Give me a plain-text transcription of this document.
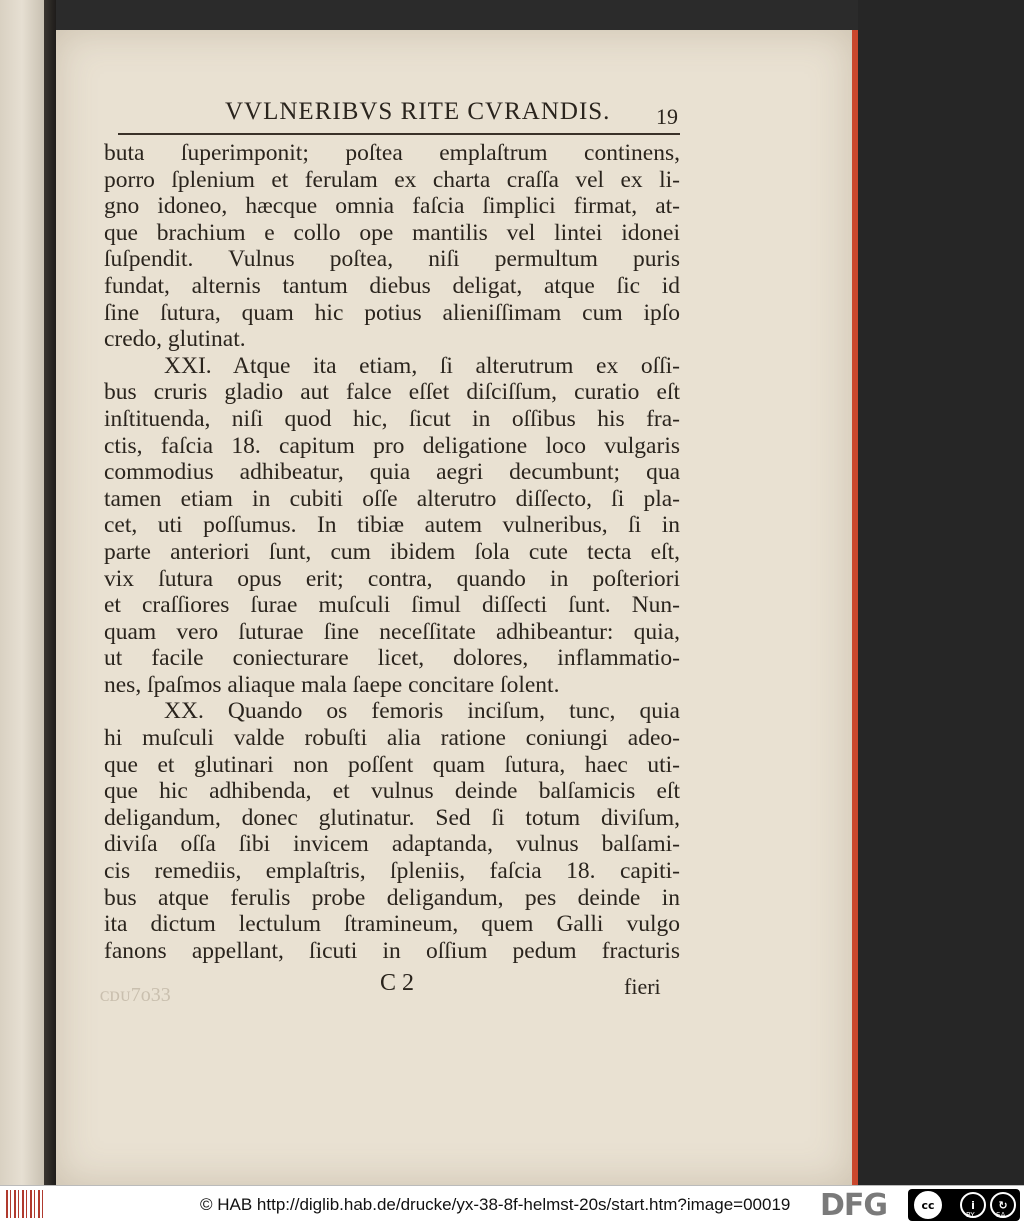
VVLNERIBVS RITE CVRANDIS. 19
buta ſuperimponit; poſtea emplaſtrum continens,
porro ſplenium et ferulam ex charta craſſa vel ex li-
gno idoneo, hæcque omnia faſcia ſimplici firmat, at-
que brachium e collo ope mantilis vel lintei idonei
ſuſpendit. Vulnus poſtea, niſi permultum puris
fundat, alternis tantum diebus deligat, atque ſic id
ſine ſutura, quam hic potius alieniſſimam cum ipſo
credo, glutinat.
XXI. Atque ita etiam, ſi alterutrum ex oſſi-
bus cruris gladio aut falce eſſet diſciſſum, curatio eſt
inſtituenda, niſi quod hic, ſicut in oſſibus his fra-
ctis, faſcia 18. capitum pro deligatione loco vulgaris
commodius adhibeatur, quia aegri decumbunt; qua
tamen etiam in cubiti oſſe alterutro diſſecto, ſi pla-
cet, uti poſſumus. In tibiæ autem vulneribus, ſi in
parte anteriori ſunt, cum ibidem ſola cute tecta eſt,
vix ſutura opus erit; contra, quando in poſteriori
et craſſiores ſurae muſculi ſimul diſſecti ſunt. Nun-
quam vero ſuturae ſine neceſſitate adhibeantur: quia,
ut facile coniecturare licet, dolores, inflammatio-
nes, ſpaſmos aliaque mala ſaepe concitare ſolent.
XX. Quando os femoris inciſum, tunc, quia
hi muſculi valde robuſti alia ratione coniungi adeo-
que et glutinari non poſſent quam ſutura, haec uti-
que hic adhibenda, et vulnus deinde balſamicis eſt
deligandum, donec glutinatur. Sed ſi totum diviſum,
diviſa oſſa ſibi invicem adaptanda, vulnus balſami-
cis remediis, emplaſtris, ſpleniis, faſcia 18. capiti-
bus atque ferulis probe deligandum, pes deinde in
ita dictum lectulum ſtramineum, quem Galli vulgo
fanons appellant, ſicuti in oſſium pedum fracturis
ᴄᴅᴜ7ᴏ33	C 2	fieri
© HAB http://diglib.hab.de/drucke/yx-38-8f-helmst-20s/start.htm?image=00019 DFG	cc	i	↻
BY	SA
